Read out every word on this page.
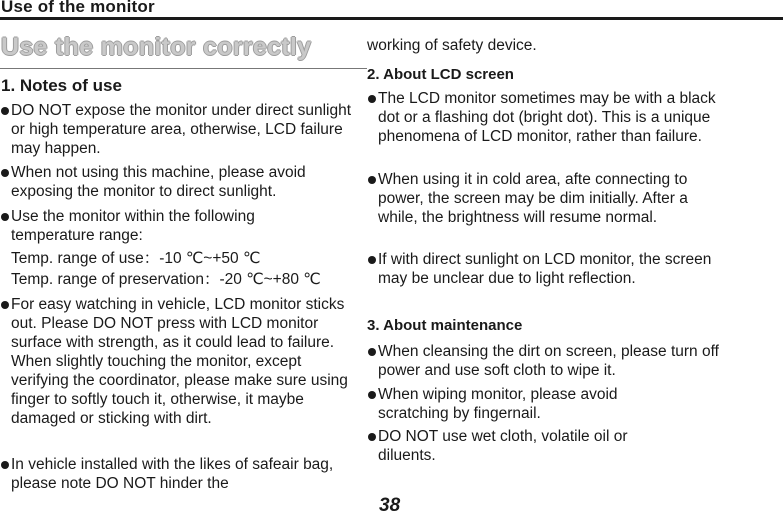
Use of the monitor
Use the monitor correctly
1. Notes of use
DO NOT expose the monitor under direct sunlight or high temperature area, otherwise, LCD failure may happen.
When not using this machine, please avoid exposing the monitor to direct sunlight.
Use the monitor within the following temperature range:
Temp. range of use：-10 ℃~+50 ℃
Temp. range of preservation：-20 ℃~+80 ℃
For easy watching in vehicle, LCD monitor sticks out. Please DO NOT press with LCD monitor surface with strength, as it could lead to failure. When slightly touching the monitor, except verifying the coordinator, please make sure using finger to softly touch it, otherwise, it maybe damaged or sticking with dirt.
In vehicle installed with the likes of safeair bag, please note DO NOT hinder the
working of safety device.
2. About LCD screen
The LCD monitor sometimes may be with a black dot or a flashing dot (bright dot). This is a unique phenomena of LCD monitor, rather than failure.
When using it in cold area, afte connecting to power, the screen may be dim initially. After a while, the brightness will resume normal.
If with direct sunlight on LCD monitor, the screen may be unclear due to light reflection.
3. About maintenance
When cleansing the dirt on screen, please turn off power and use soft cloth to wipe it.
When wiping monitor, please avoid scratching by fingernail.
DO NOT use wet cloth, volatile oil or diluents.
38
